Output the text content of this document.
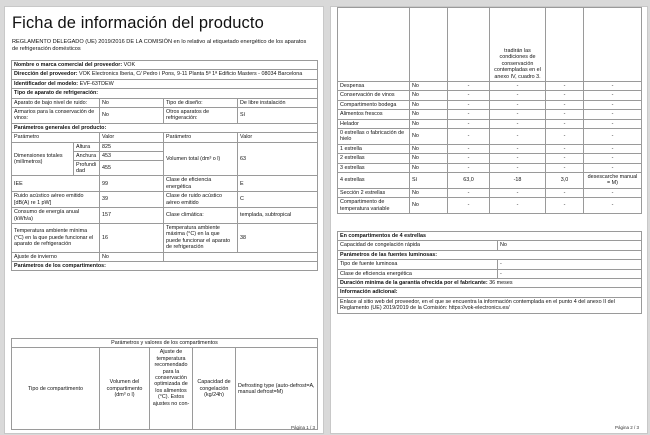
Ficha de información del producto
REGLAMENTO DELEGADO (UE) 2019/2016 DE LA COMISIÓN en lo relativo al etiquetado energético de los aparatos de refrigeración domésticos
Nombre o marca comercial del proveedor: VOK				
Dirección del proveedor: VOK Electronics Iberia, C/ Pedro i Pons, 9-11 Planta 5ª 1ª Edificio Masters - 08034 Barcelona				
Identificador del modelo: EVF-63TDEW				
Tipo de aparato de refrigeración:				
Aparato de bajo nivel de ruido:		No	Tipo de diseño:	De libre instalación
Armarios para la conservación de vinos:		No	Otros aparatos de refrigeración:	Sí
Parámetros generales del producto:				
Parámetro		Valor	Parámetro	Valor
Dimensiones totales (milímetros)	Altura	825	Volumen total (dm³ o l)	63
	Anchura	453		
	Profundidad	455		
IEE		99	Clase de eficiencia energética	E
Ruido acústico aéreo emitido [dB(A) re 1 pW]		39	Clase de ruido acústico aéreo emitido	C
Consumo de energía anual (kWh/a)		157	Clase climática:	templada, subtropical
Temperatura ambiente mínima (°C) en la que puede funcionar el aparato de refrigeración		16	Temperatura ambiente máxima (°C) en la que puede funcionar el aparato de refrigeración	38
Ajuste de invierno		No		
Parámetros de los compartimentos:				
Parámetros y valores de los compartimentos
Tipo de compartimento	Volumen del compartimento (dm³ o l)	Ajuste de temperatura recomendado para la conservación optimizada de los alimentos (°C). Estos ajustes no con-	Capacidad de congelación (kg/24h)	Defrosting type (auto-defrost=A, manual defrost=M)
Página 1 / 3
			tradirán las condiciones de conservación contempladas en el anexo IV, cuadro 3.		
Despensa	No	-	-	-	-
Conservación de vinos	No	-	-	-	-
Compartimento bodega	No	-	-	-	-
Alimentos frescos	No	-	-	-	-
Helador	No	-	-	-	-
0 estrellas o fabricación de hielo	No	-	-	-	-
1 estrella	No	-	-	-	-
2 estrellas	No	-	-	-	-
3 estrellas	No	-	-	-	-
4 estrellas	Sí	63,0	-18	3,0	desescarche manual = M)
Sección 2 estrellas	No	-	-	-	-
Compartimento de temperatura variable	No	-	-	-	-
En compartimentos de 4 estrellas	
Capacidad de congelación rápida	No
Parámetros de las fuentes luminosas:	
Tipo de fuente luminosa	-
Clase de eficiencia energética	-
Duración mínima de la garantía ofrecida por el fabricante: 36 meses	
Información adicional:	
Enlace al sitio web del proveedor, en el que se encuentra la información contemplada en el punto 4 del anexo II del Reglamento (UE) 2019/2019 de la Comisión: https://vok-electronics.es/	
Página 2 / 3
